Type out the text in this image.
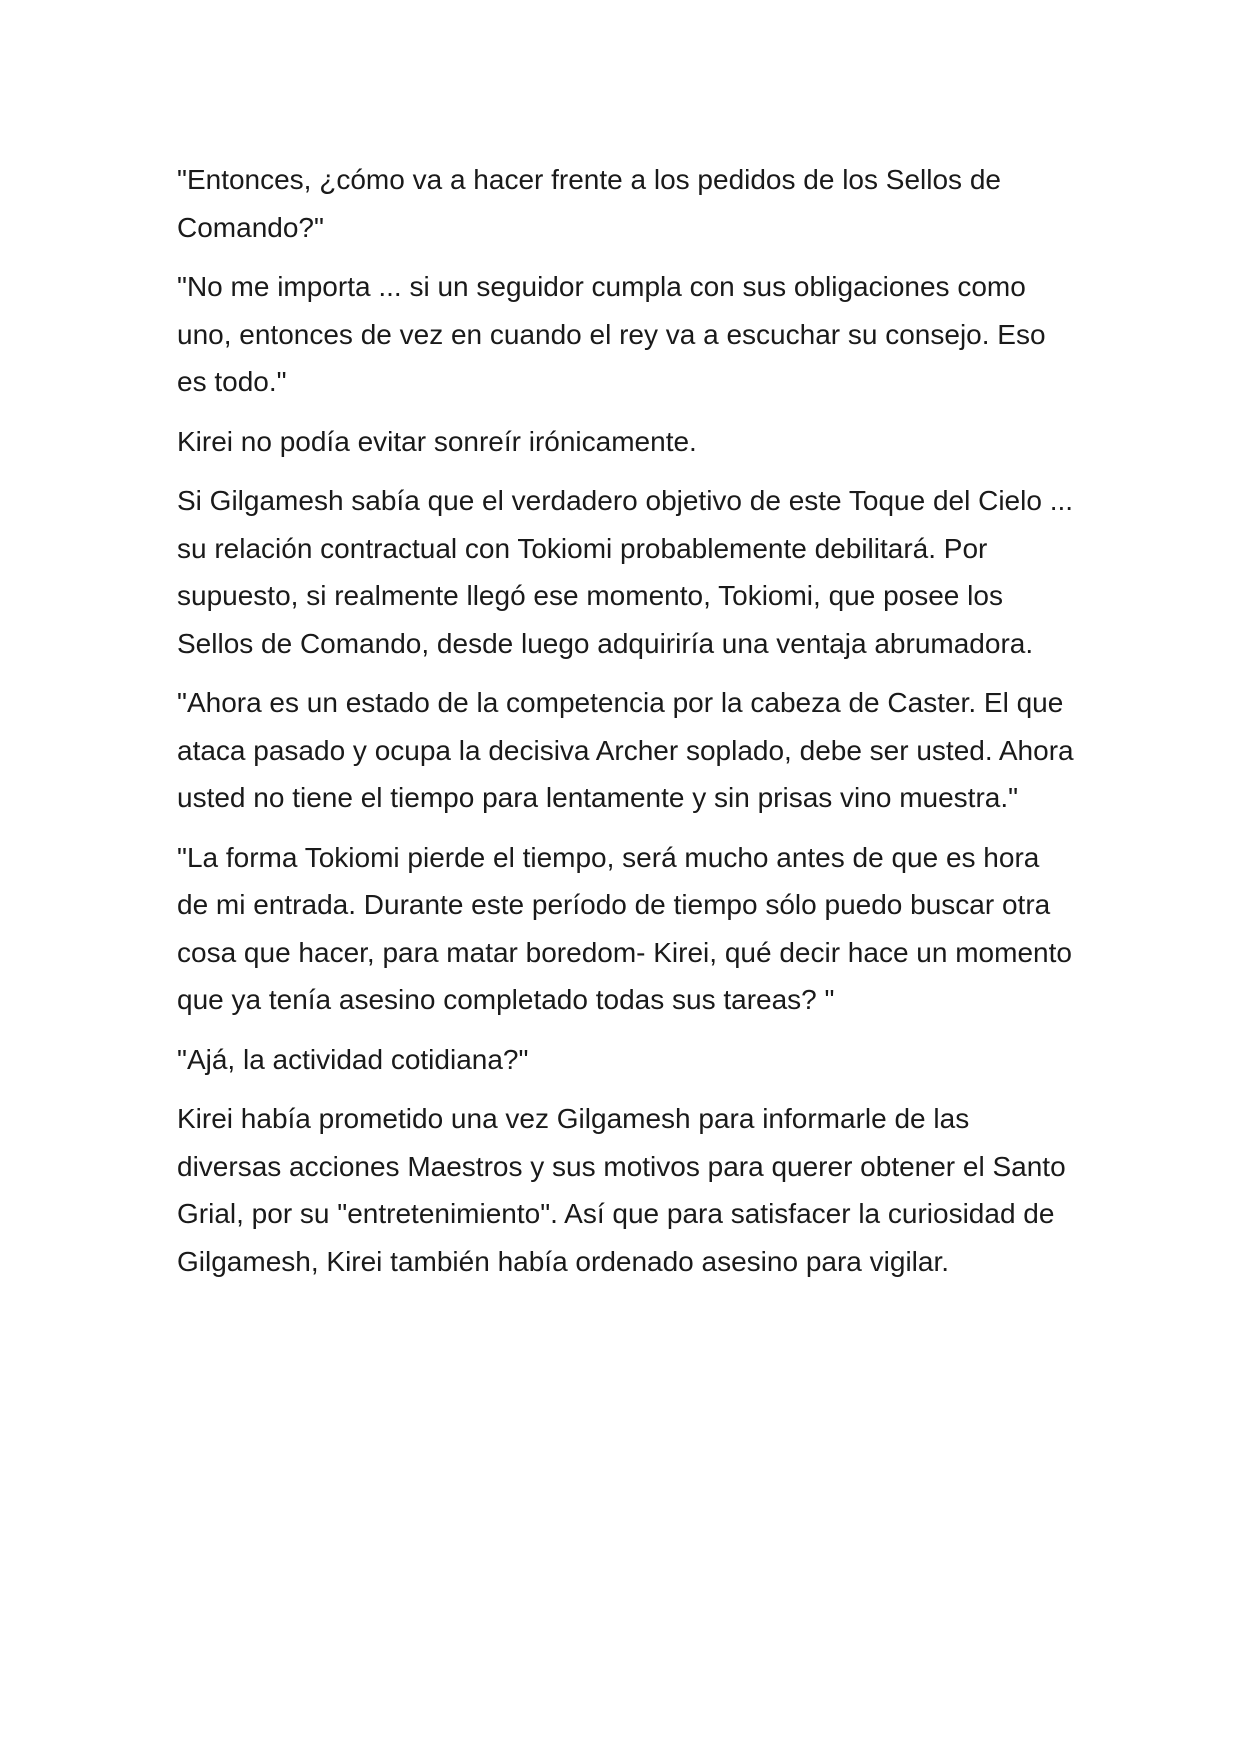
"Entonces, ¿cómo va a hacer frente a los pedidos de los Sellos de Comando?"

"No me importa ... si un seguidor cumpla con sus obligaciones como uno, entonces de vez en cuando el rey va a escuchar su consejo. Eso es todo."

Kirei no podía evitar sonreír irónicamente.

Si Gilgamesh sabía que el verdadero objetivo de este Toque del Cielo ... su relación contractual con Tokiomi probablemente debilitará. Por supuesto, si realmente llegó ese momento, Tokiomi, que posee los Sellos de Comando, desde luego adquiriría una ventaja abrumadora.

"Ahora es un estado de la competencia por la cabeza de Caster. El que ataca pasado y ocupa la decisiva Archer soplado, debe ser usted. Ahora usted no tiene el tiempo para lentamente y sin prisas vino muestra."

"La forma Tokiomi pierde el tiempo, será mucho antes de que es hora de mi entrada. Durante este período de tiempo sólo puedo buscar otra cosa que hacer, para matar boredom- Kirei, qué decir hace un momento que ya tenía asesino completado todas sus tareas? "

"Ajá, la actividad cotidiana?"

Kirei había prometido una vez Gilgamesh para informarle de las diversas acciones Maestros y sus motivos para querer obtener el Santo Grial, por su "entretenimiento". Así que para satisfacer la curiosidad de Gilgamesh, Kirei también había ordenado asesino para vigilar.
